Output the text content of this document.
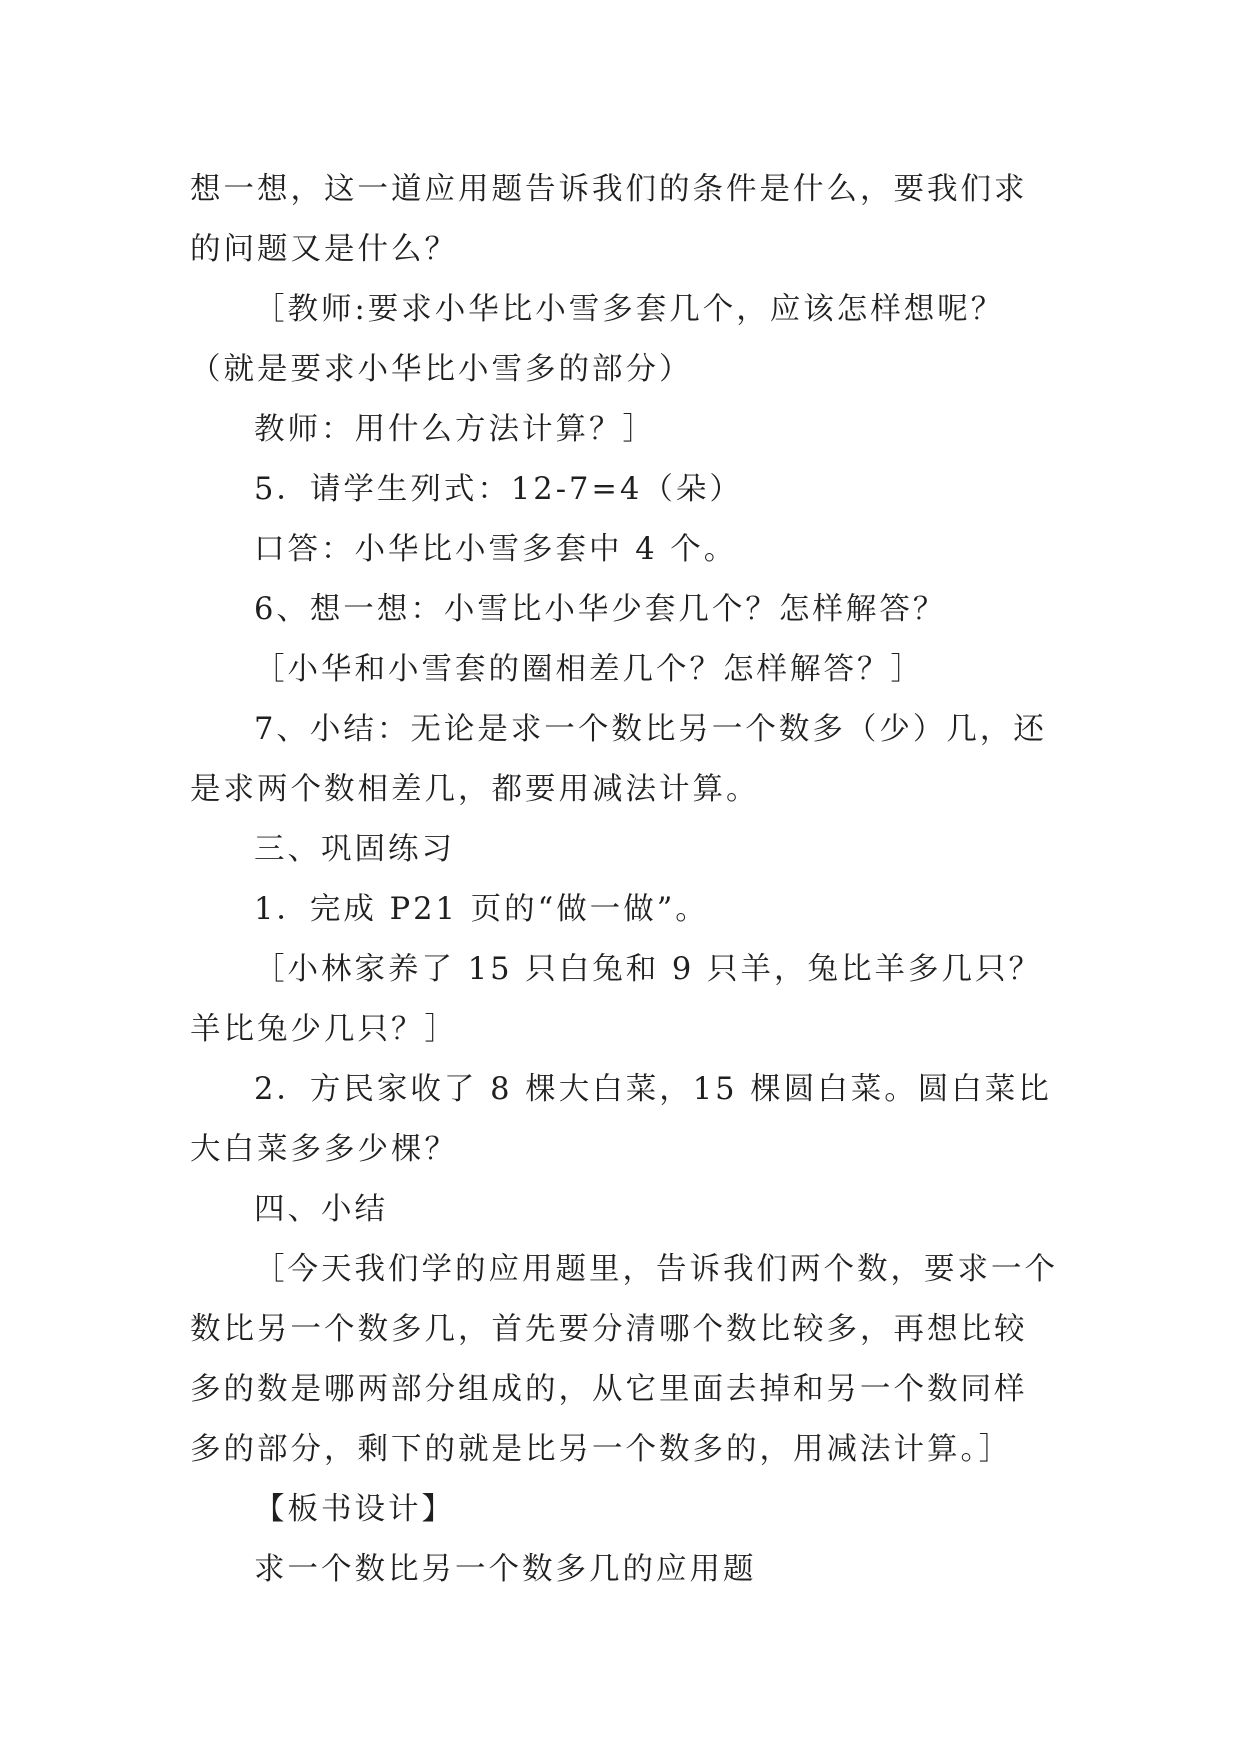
想一想，这一道应用题告诉我们的条件是什么，要我们求的问题又是什么？

［教师:要求小华比小雪多套几个，应该怎样想呢？（就是要求小华比小雪多的部分）

教师：用什么方法计算？］

5．请学生列式：12-7=4（朵）

口答：小华比小雪多套中 4 个。

6、想一想：小雪比小华少套几个？怎样解答？

［小华和小雪套的圈相差几个？怎样解答？］

7、小结：无论是求一个数比另一个数多（少）几，还是求两个数相差几，都要用减法计算。

三、巩固练习

1．完成 P21 页的“做一做”。

［小林家养了 15 只白兔和 9 只羊，兔比羊多几只？羊比兔少几只？］

2．方民家收了 8 棵大白菜，15 棵圆白菜。圆白菜比大白菜多多少棵？

四、小结

［今天我们学的应用题里，告诉我们两个数，要求一个数比另一个数多几，首先要分清哪个数比较多，再想比较多的数是哪两部分组成的，从它里面去掉和另一个数同样多的部分，剩下的就是比另一个数多的，用减法计算。］

【板书设计】

求一个数比另一个数多几的应用题
